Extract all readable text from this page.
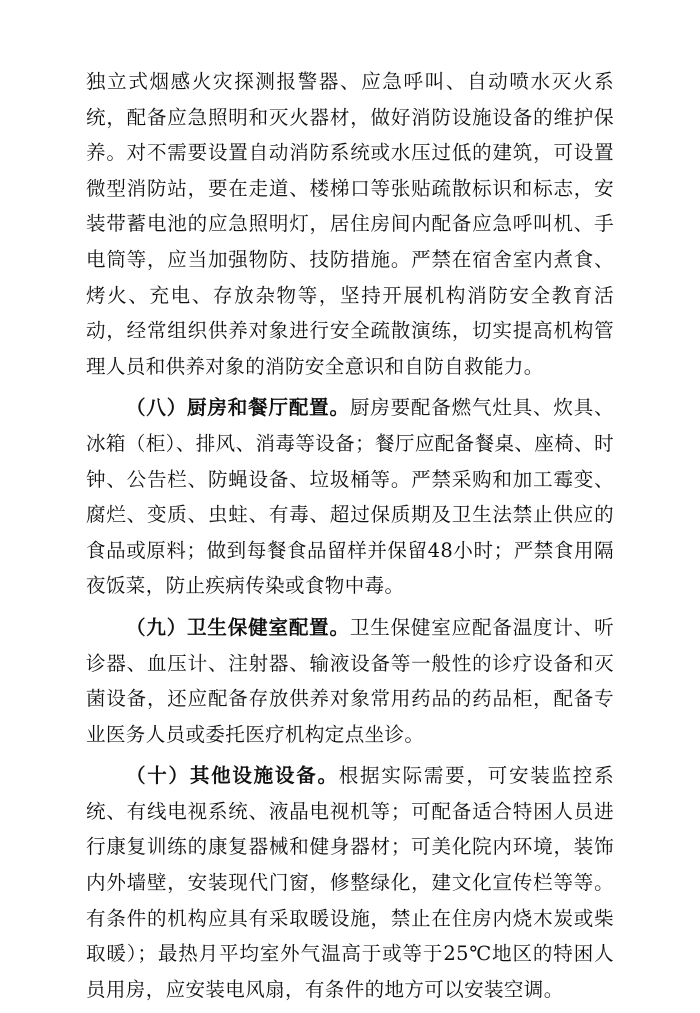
独立式烟感火灾探测报警器、应急呼叫、自动喷水灭火系统，配备应急照明和灭火器材，做好消防设施设备的维护保养。对不需要设置自动消防系统或水压过低的建筑，可设置微型消防站，要在走道、楼梯口等张贴疏散标识和标志，安装带蓄电池的应急照明灯，居住房间内配备应急呼叫机、手电筒等，应当加强物防、技防措施。严禁在宿舍室内煮食、烤火、充电、存放杂物等，坚持开展机构消防安全教育活动，经常组织供养对象进行安全疏散演练，切实提高机构管理人员和供养对象的消防安全意识和自防自救能力。

（八）厨房和餐厅配置。厨房要配备燃气灶具、炊具、冰箱（柜）、排风、消毒等设备；餐厅应配备餐桌、座椅、时钟、公告栏、防蝇设备、垃圾桶等。严禁采购和加工霉变、腐烂、变质、虫蛀、有毒、超过保质期及卫生法禁止供应的食品或原料；做到每餐食品留样并保留48小时；严禁食用隔夜饭菜，防止疾病传染或食物中毒。

（九）卫生保健室配置。卫生保健室应配备温度计、听诊器、血压计、注射器、输液设备等一般性的诊疗设备和灭菌设备，还应配备存放供养对象常用药品的药品柜，配备专业医务人员或委托医疗机构定点坐诊。

（十）其他设施设备。根据实际需要，可安装监控系统、有线电视系统、液晶电视机等；可配备适合特困人员进行康复训练的康复器械和健身器材；可美化院内环境，装饰内外墙壁，安装现代门窗，修整绿化，建文化宣传栏等等。有条件的机构应具有采取暖设施，禁止在住房内烧木炭或柴取暖）；最热月平均室外气温高于或等于25℃地区的特困人员用房，应安装电风扇，有条件的地方可以安装空调。
